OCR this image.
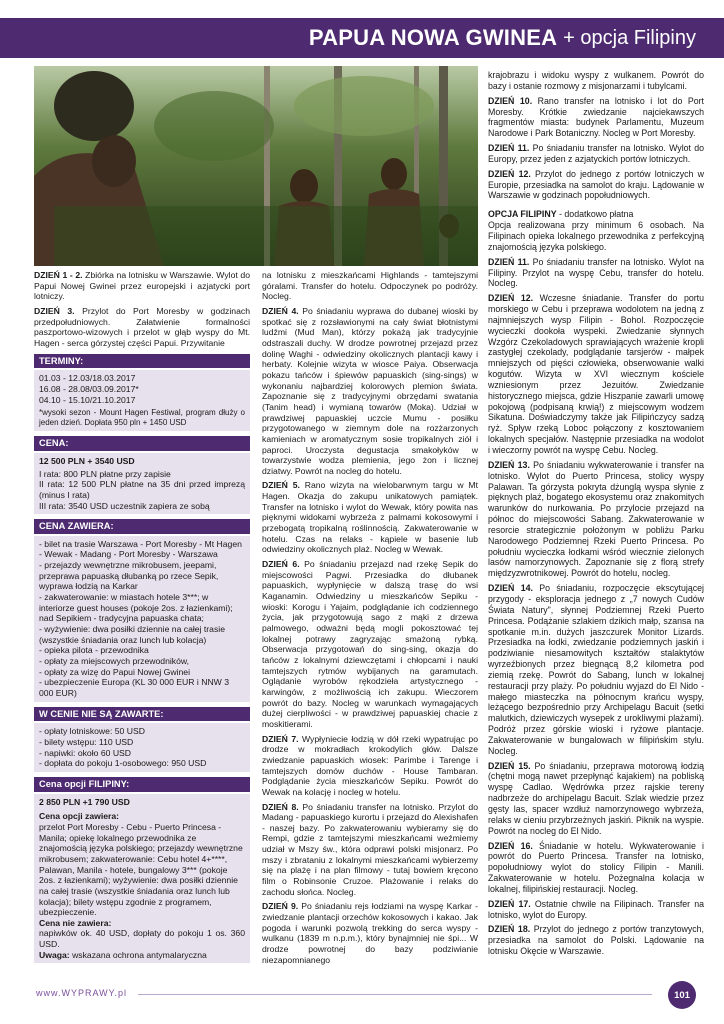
PAPUA NOWA GWINEA + opcja Filipiny

DZIEŃ 1 - 2. Zbiórka na lotnisku w Warszawie. Wylot do Papui Nowej Gwinei przez europejski i azjatycki port lotniczy.

DZIEŃ 3. Przylot do Port Moresby w godzinach przedpołudniowych. Załatwienie formalności paszportowo-wizowych i przelot w głąb wyspy do Mt. Hagen - serca górzystej części Papui. Przywitanie

TERMINY:

01.03 - 12.03/18.03.2017

16.08 - 28.08/03.09.2017*

04.10 - 15.10/21.10.2017

*wysoki sezon - Mount Hagen Festiwal, program dłuży o jeden dzień. Dopłata 950 pln + 1450 USD

CENA:

12 500 PLN + 3540 USD

I rata: 800 PLN płatne przy zapisie

II rata: 12 500 PLN płatne na 35 dni przed imprezą (minus I rata)

III rata: 3540 USD uczestnik zapiera ze sobą

CENA ZAWIERA:
- bilet na trasie Warszawa - Port Moresby - Mt Hagen - Wewak - Madang - Port Moresby - Warszawa
- przejazdy wewnętrzne mikrobusem, jeepami, przeprawa papuaską dłubanką po rzece Sepik, wyprawa łodzią na Karkar
- zakwaterowanie: w miastach hotele 3***; w interiorze guest houses (pokoje 2os. z łazienkami); nad Sepikiem - tradycyjna papuaska chata;
- wyżywienie: dwa posiłki dziennie na całej trasie (wszystkie śniadania oraz lunch lub kolacja)
- opieka pilota - przewodnika
- opłaty za miejscowych przewodników,
- opłaty za wizę do Papui Nowej Gwinei
- ubezpieczenie Europa (KL 30 000 EUR i NNW 3 000 EUR)
W CENIE NIE SĄ ZAWARTE:
- opłaty lotniskowe: 50 USD
- bilety wstępu: 110 USD
- napiwki: około 60 USD
- dopłata do pokoju 1-osobowego: 950 USD
Cena opcji FILIPINY:

2 850 PLN +1 790 USD

Cena opcji zawiera:

przelot Port Moresby - Cebu - Puerto Princesa - Manila; opiekę lokalnego przewodnika ze znajomością języka polskiego; przejazdy wewnętrzne mikrobusem; zakwaterowanie: Cebu hotel 4+****, Palawan, Manila - hotele, bungalowy 3*** (pokoje 2os. z łazienkami); wyżywienie: dwa posiłki dziennie na całej trasie (wszystkie śniadania oraz lunch lub kolacja); bilety wstępu zgodnie z programem, ubezpieczenie.

Cena nie zawiera:

napiwków ok. 40 USD, dopłaty do pokoju 1 os. 360 USD.

Uwaga: wskazana ochrona antymalaryczna

na lotnisku z mieszkańcami Highlands - tamtejszymi góralami. Transfer do hotelu. Odpoczynek po podróży. Nocleg.

DZIEŃ 4. Po śniadaniu wyprawa do dubanej wioski by spotkać się z rozsławionymi na cały świat błotnistymi ludźmi (Mud Man), którzy pokażą jak tradycyjnie odstraszali duchy. W drodze powrotnej przejazd przez dolinę Waghi - odwiedziny okolicznych plantacji kawy i herbaty. Kolejnie wizyta w wiosce Paiya. Obserwacja pokazu tańców i śpiewów papuaskich (sing-sings) w wykonaniu najbardziej kolorowych plemion świata. Zapoznanie się z tradycyjnymi obrzędami swatania (Tanim head) i wymianą towarów (Moka). Udział w prawdziwej papuaskiej uczcie Mumu - posiłku przygotowanego w ziemnym dole na rozżarzonych kamieniach w aromatycznym sosie tropikalnych ziół i paproci. Uroczysta degustacja smakołyków w towarzystwie wodza plemienia, jego żon i licznej dziatwy. Powrót na nocleg do hotelu.

DZIEŃ 5. Rano wizyta na wielobarwnym targu w Mt Hagen. Okazja do zakupu unikatowych pamiątek. Transfer na lotnisko i wylot do Wewak, który powita nas pięknymi widokami wybrzeża z palmami kokosowymi i przebogatą tropikalną roślinnością. Zakwaterowanie w hotelu. Czas na relaks - kąpiele w basenie lub odwiedziny okolicznych plaż. Nocleg w Wewak.

DZIEŃ 6. Po śniadaniu przejazd nad rzekę Sepik do miejscowości Pagwi. Przesiadka do dłubanek papuaskich, wypłynięcie w dalszą trasę do wsi Kaganamin. Odwiedziny u mieszkańców Sepiku - wioski: Korogu i Yajaim, podglądanie ich codziennego życia, jak przygotowują sago z mąki z drzewa palmowego, odważni będą mogli pokosztować tej lokalnej potrawy zagryzając smażoną rybką. Obserwacja przygotowań do sing-sing, okazja do tańców z lokalnymi dziewczętami i chłopcami i nauki tamtejszych rytmów wybijanych na garamutach. Oglądanie wyrobów rękodzieła artystycznego - karwingów, z możliwością ich zakupu. Wieczorem powrót do bazy. Nocleg w warunkach wymagających dużej cierpliwości - w prawdziwej papuaskiej chacie z moskitierami.

DZIEŃ 7. Wypłyniecie łodzią w dół rzeki wypatrując po drodze w mokradłach krokodylich głów. Dalsze zwiedzanie papuaskich wiosek: Parimbe i Tarenge i tamtejszych domów duchów - House Tambaran. Podglądanie życia mieszkańców Sepiku. Powrót do Wewak na kolację i nocleg w hotelu.

DZIEŃ 8. Po śniadaniu transfer na lotnisko. Przylot do Madang - papuaskiego kurortu i przejazd do Alexishafen - naszej bazy. Po zakwaterowaniu wybieramy się do Rempi, gdzie z tamtejszymi mieszkańcami weźmiemy udział w Mszy św., która odprawi polski misjonarz. Po mszy i zbrataniu z lokalnymi mieszkańcami wybierzemy się na plażę i na plan filmowy - tutaj bowiem kręcono film o Robinsonie Cruzoe. Plażowanie i relaks do zachodu słońca. Nocleg.

DZIEŃ 9. Po śniadaniu rejs łodziami na wyspę Karkar - zwiedzanie plantacji orzechów kokosowych i kakao. Jak pogoda i warunki pozwolą trekking do serca wyspy - wulkanu (1839 m n.p.m.), który bynajmniej nie śpi... W drodze powrotnej do bazy podziwianie niezapomnianego

krajobrazu i widoku wyspy z wulkanem. Powrót do bazy i ostanie rozmowy z misjonarzami i tubylcami.

DZIEŃ 10. Rano transfer na lotnisko i lot do Port Moresby. Krótkie zwiedzanie najciekawszych fragmentów miasta: budynek Parlamentu, Muzeum Narodowe i Park Botaniczny. Nocleg w Port Moresby.

DZIEŃ 11. Po śniadaniu transfer na lotnisko. Wylot do Europy, przez jeden z azjatyckich portów lotniczych.

DZIEŃ 12. Przylot do jednego z portów lotniczych w Europie, przesiadka na samolot do kraju. Lądowanie w Warszawie w godzinach popołudniowych.

OPCJA FILIPINY - dodatkowo płatna

Opcja realizowana przy minimum 6 osobach. Na Filipinach opieka lokalnego przewodnika z perfekcyjną znajomością języka polskiego.

DZIEŃ 11. Po śniadaniu transfer na lotnisko. Wylot na Filipiny. Przylot na wyspę Cebu, transfer do hotelu. Nocleg.

DZIEŃ 12. Wczesne śniadanie. Transfer do portu morskiego w Cebu i przeprawa wodolotem na jedną z najmniejszych wysp Filipin - Bohol. Rozpoczęcie wycieczki dookoła wyspeki. Zwiedzanie słynnych Wzgórz Czekoladowych sprawiających wrażenie kropli zastygłej czekolady, podglądanie tarsjerów - małpek mniejszych od pięści człowieka, obserwowanie walki kogutów. Wizyta w XVI wiecznym kościele wzniesionym przez Jezuitów. Zwiedzanie historycznego miejsca, gdzie Hiszpanie zawarli umowę pokojową (podpisaną krwią!) z miejscowym wodzem Sikatuna. Doświadczymy także jak Filipińczycy sadzą ryż. Spływ rzeką Loboc połączony z kosztowaniem lokalnych specjałów. Następnie przesiadka na wodolot i wieczorny powrót na wyspę Cebu. Nocleg.

DZIEŃ 13. Po śniadaniu wykwaterowanie i transfer na lotnisko. Wylot do Puerto Princesa, stolicy wyspy Palawan. Ta górzysta pokryta dżunglą wyspa słynie z pięknych plaż, bogatego ekosystemu oraz znakomitych warunków do nurkowania. Po przylocie przejazd na północ do miejscowości Sabang. Zakwaterowanie w resorcie strategicznie położonym w pobliżu Parku Narodowego Podziemnej Rzeki Puerto Princesa. Po południu wycieczka łodkami wśród wiecznie zielonych lasów namorzynowych. Zapoznanie się z florą strefy międzyzwrotnikowej. Powrót do hotelu, nocleg.

DZIEŃ 14. Po śniadaniu, rozpoczęcie ekscytującej przygody - eksploracja jednego z „7 nowych Cudów Świata Natury", słynnej Podziemnej Rzeki Puerto Princesa. Podążanie szlakiem dzikich małp, szansa na spotkanie m.in. dużych jaszczurek Monitor Lizards. Przesiadka na łodki, zwiedzanie podziemnych jaskiń i podziwianie niesamowitych kształtów stalaktytów wyrzeźbionych przez biegnącą 8,2 kilometra pod ziemią rzekę. Powrót do Sabang, lunch w lokalnej restauracji przy plaży. Po południu wyjazd do El Nido - małego miasteczka na północnym krańcu wyspy, leżącego bezpośrednio przy Archipelagu Bacuit (setki malutkich, dziewiczych wysepek z urokliwymi plażami). Podróż przez górskie wioski i ryżowe plantacje. Zakwaterowanie w bungalowach w filipińskim stylu. Nocleg.

DZIEŃ 15. Po śniadaniu, przeprawa motorową łodzią (chętni mogą nawet przepłynąć kajakiem) na pobliską wyspę Cadlao. Wędrówka przez rajskie tereny nadbrzeże do archipelagu Bacuit. Szlak wiedzie przez gęsty las, spacer wzdłuż namorzynowego wybrzeża, relaks w cieniu przybrzeżnych jaskiń. Piknik na wyspie. Powrót na nocleg do El Nido.

DZIEŃ 16. Śniadanie w hotelu. Wykwaterowanie i powrót do Puerto Princesa. Transfer na lotnisko, popołudniowy wylot do stolicy Filipin - Manili. Zakwaterowanie w hotelu. Pożegnalna kolacja w lokalnej, filipińskiej restauracji. Nocleg.

DZIEŃ 17. Ostatnie chwile na Filipinach. Transfer na lotnisko, wylot do Europy.

DZIEŃ 18. Przylot do jednego z portów tranzytowych, przesiadka na samolot do Polski. Lądowanie na lotnisku Okęcie w Warszawie.

www.WYPRAWY.pl	101
